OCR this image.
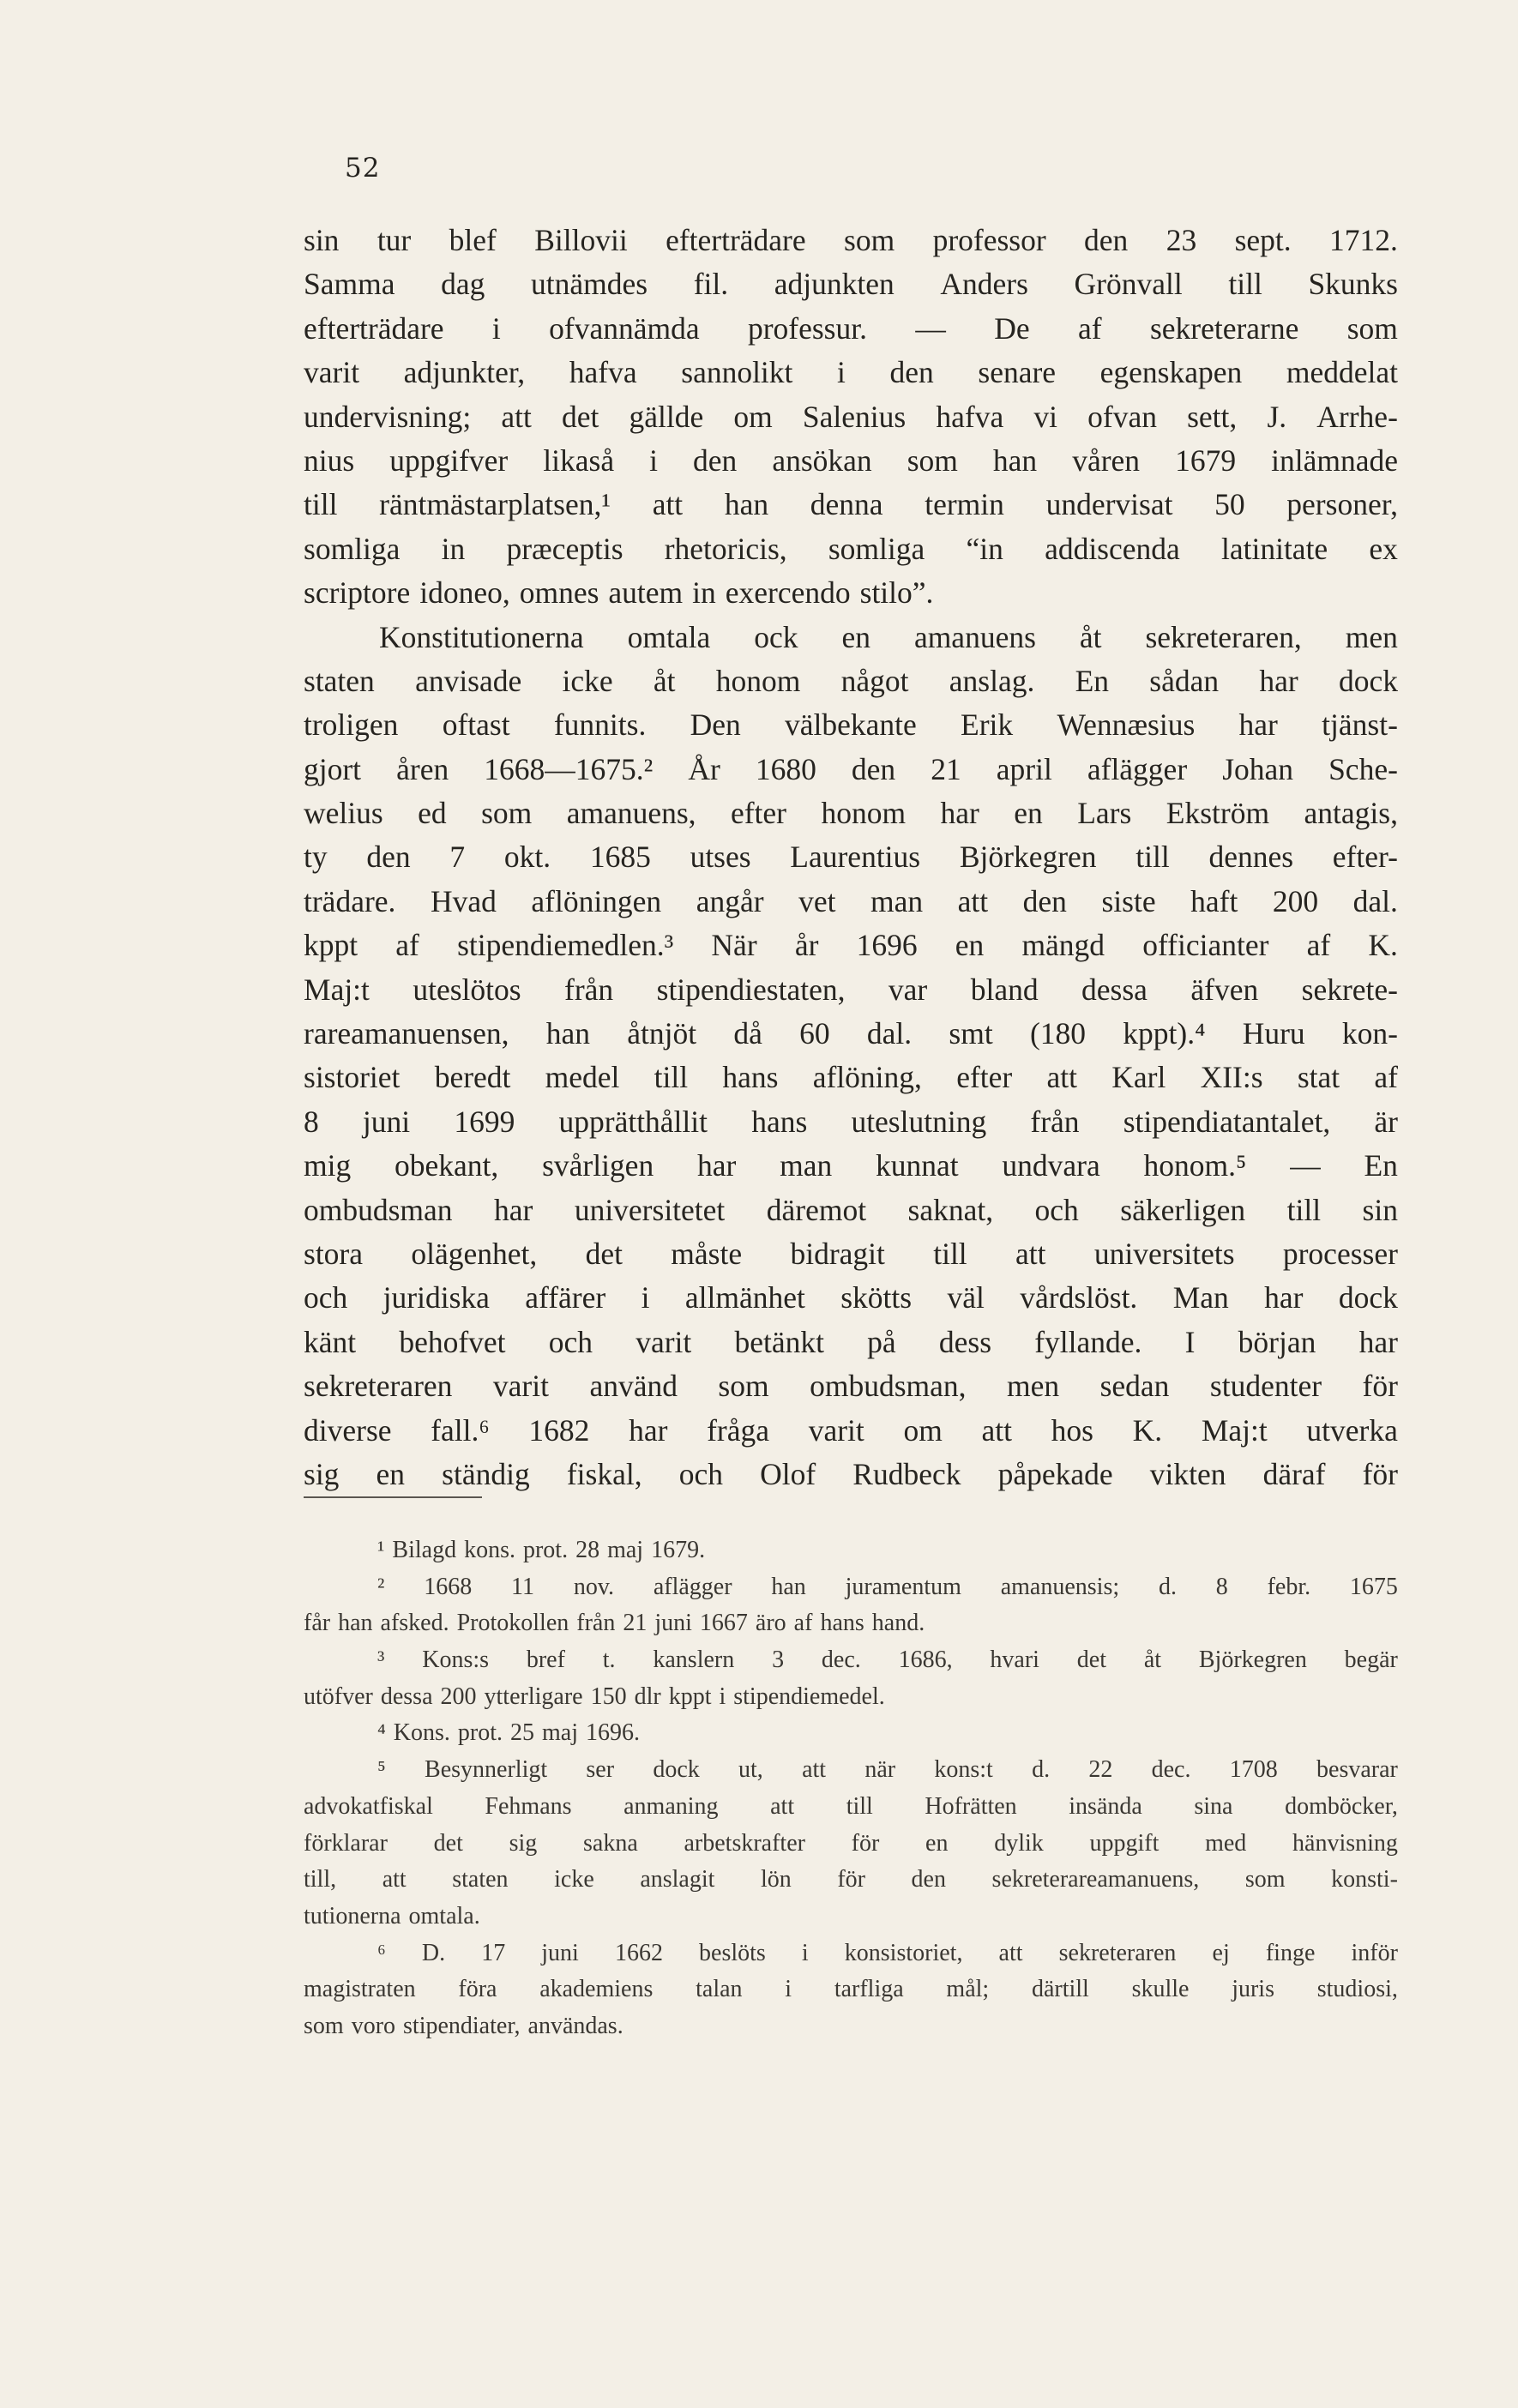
52
sin tur blef Billovii efterträdare som professor den 23 sept. 1712.
Samma dag utnämdes fil. adjunkten Anders Grönvall till Skunks
efterträdare i ofvannämda professur. — De af sekreterarne som
varit adjunkter, hafva sannolikt i den senare egenskapen meddelat
undervisning; att det gällde om Salenius hafva vi ofvan sett, J. Arrhe-
nius uppgifver likaså i den ansökan som han våren 1679 inlämnade
till räntmästarplatsen,¹ att han denna termin undervisat 50 personer,
somliga in præceptis rhetoricis, somliga “in addiscenda latinitate ex
scriptore idoneo, omnes autem in exercendo stilo”.
Konstitutionerna omtala ock en amanuens åt sekreteraren, men
staten anvisade icke åt honom något anslag. En sådan har dock
troligen oftast funnits. Den välbekante Erik Wennæsius har tjänst-
gjort åren 1668—1675.² År 1680 den 21 april aflägger Johan Sche-
welius ed som amanuens, efter honom har en Lars Ekström antagis,
ty den 7 okt. 1685 utses Laurentius Björkegren till dennes efter-
trädare. Hvad aflöningen angår vet man att den siste haft 200 dal.
kppt af stipendiemedlen.³ När år 1696 en mängd officianter af K.
Maj:t uteslötos från stipendiestaten, var bland dessa äfven sekrete-
rareamanuensen, han åtnjöt då 60 dal. smt (180 kppt).⁴ Huru kon-
sistoriet beredt medel till hans aflöning, efter att Karl XII:s stat af
8 juni 1699 upprätthållit hans uteslutning från stipendiatantalet, är
mig obekant, svårligen har man kunnat undvara honom.⁵ — En
ombudsman har universitetet däremot saknat, och säkerligen till sin
stora olägenhet, det måste bidragit till att universitets processer
och juridiska affärer i allmänhet skötts väl vårdslöst. Man har dock
känt behofvet och varit betänkt på dess fyllande. I början har
sekreteraren varit använd som ombudsman, men sedan studenter för
diverse fall.⁶ 1682 har fråga varit om att hos K. Maj:t utverka
sig en ständig fiskal, och Olof Rudbeck påpekade vikten däraf för
¹ Bilagd kons. prot. 28 maj 1679.
² 1668 11 nov. aflägger han juramentum amanuensis; d. 8 febr. 1675
får han afsked. Protokollen från 21 juni 1667 äro af hans hand.
³ Kons:s bref t. kanslern 3 dec. 1686, hvari det åt Björkegren begär
utöfver dessa 200 ytterligare 150 dlr kppt i stipendiemedel.
⁴ Kons. prot. 25 maj 1696.
⁵ Besynnerligt ser dock ut, att när kons:t d. 22 dec. 1708 besvarar
advokatfiskal Fehmans anmaning att till Hofrätten insända sina domböcker,
förklarar det sig sakna arbetskrafter för en dylik uppgift med hänvisning
till, att staten icke anslagit lön för den sekreterareamanuens, som konsti-
tutionerna omtala.
⁶ D. 17 juni 1662 beslöts i konsistoriet, att sekreteraren ej finge inför
magistraten föra akademiens talan i tarfliga mål; därtill skulle juris studiosi,
som voro stipendiater, användas.
